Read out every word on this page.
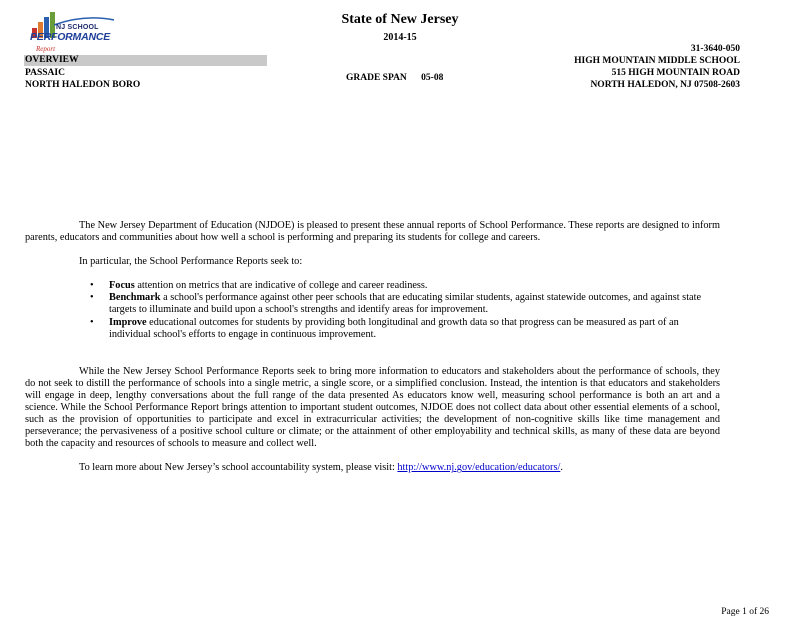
NJ SCHOOL
PERFORMANCE
Report
State of New Jersey
2014-15
OVERVIEW
PASSAIC
NORTH HALEDON BORO
GRADE SPAN 05-08
31-3640-050
HIGH MOUNTAIN MIDDLE SCHOOL
515 HIGH MOUNTAIN ROAD
NORTH HALEDON, NJ 07508-2603

The New Jersey Department of Education (NJDOE) is pleased to present these annual reports of School Performance. These reports are designed to inform parents, educators and communities about how well a school is performing and preparing its students for college and careers.

In particular, the School Performance Reports seek to:

• Focus attention on metrics that are indicative of college and career readiness.
• Benchmark a school's performance against other peer schools that are educating similar students, against statewide outcomes, and against state targets to illuminate and build upon a school's strengths and identify areas for improvement.
• Improve educational outcomes for students by providing both longitudinal and growth data so that progress can be measured as part of an individual school's efforts to engage in continuous improvement.

While the New Jersey School Performance Reports seek to bring more information to educators and stakeholders about the performance of schools, they do not seek to distill the performance of schools into a single metric, a single score, or a simplified conclusion. Instead, the intention is that educators and stakeholders will engage in deep, lengthy conversations about the full range of the data presented As educators know well, measuring school performance is both an art and a science. While the School Performance Report brings attention to important student outcomes, NJDOE does not collect data about other essential elements of a school, such as the provision of opportunities to participate and excel in extracurricular activities; the development of non-cognitive skills like time management and perseverance; the pervasiveness of a positive school culture or climate; or the attainment of other employability and technical skills, as many of these data are beyond both the capacity and resources of schools to measure and collect well.

To learn more about New Jersey’s school accountability system, please visit: http://www.nj.gov/education/educators/.

Page 1 of 26
